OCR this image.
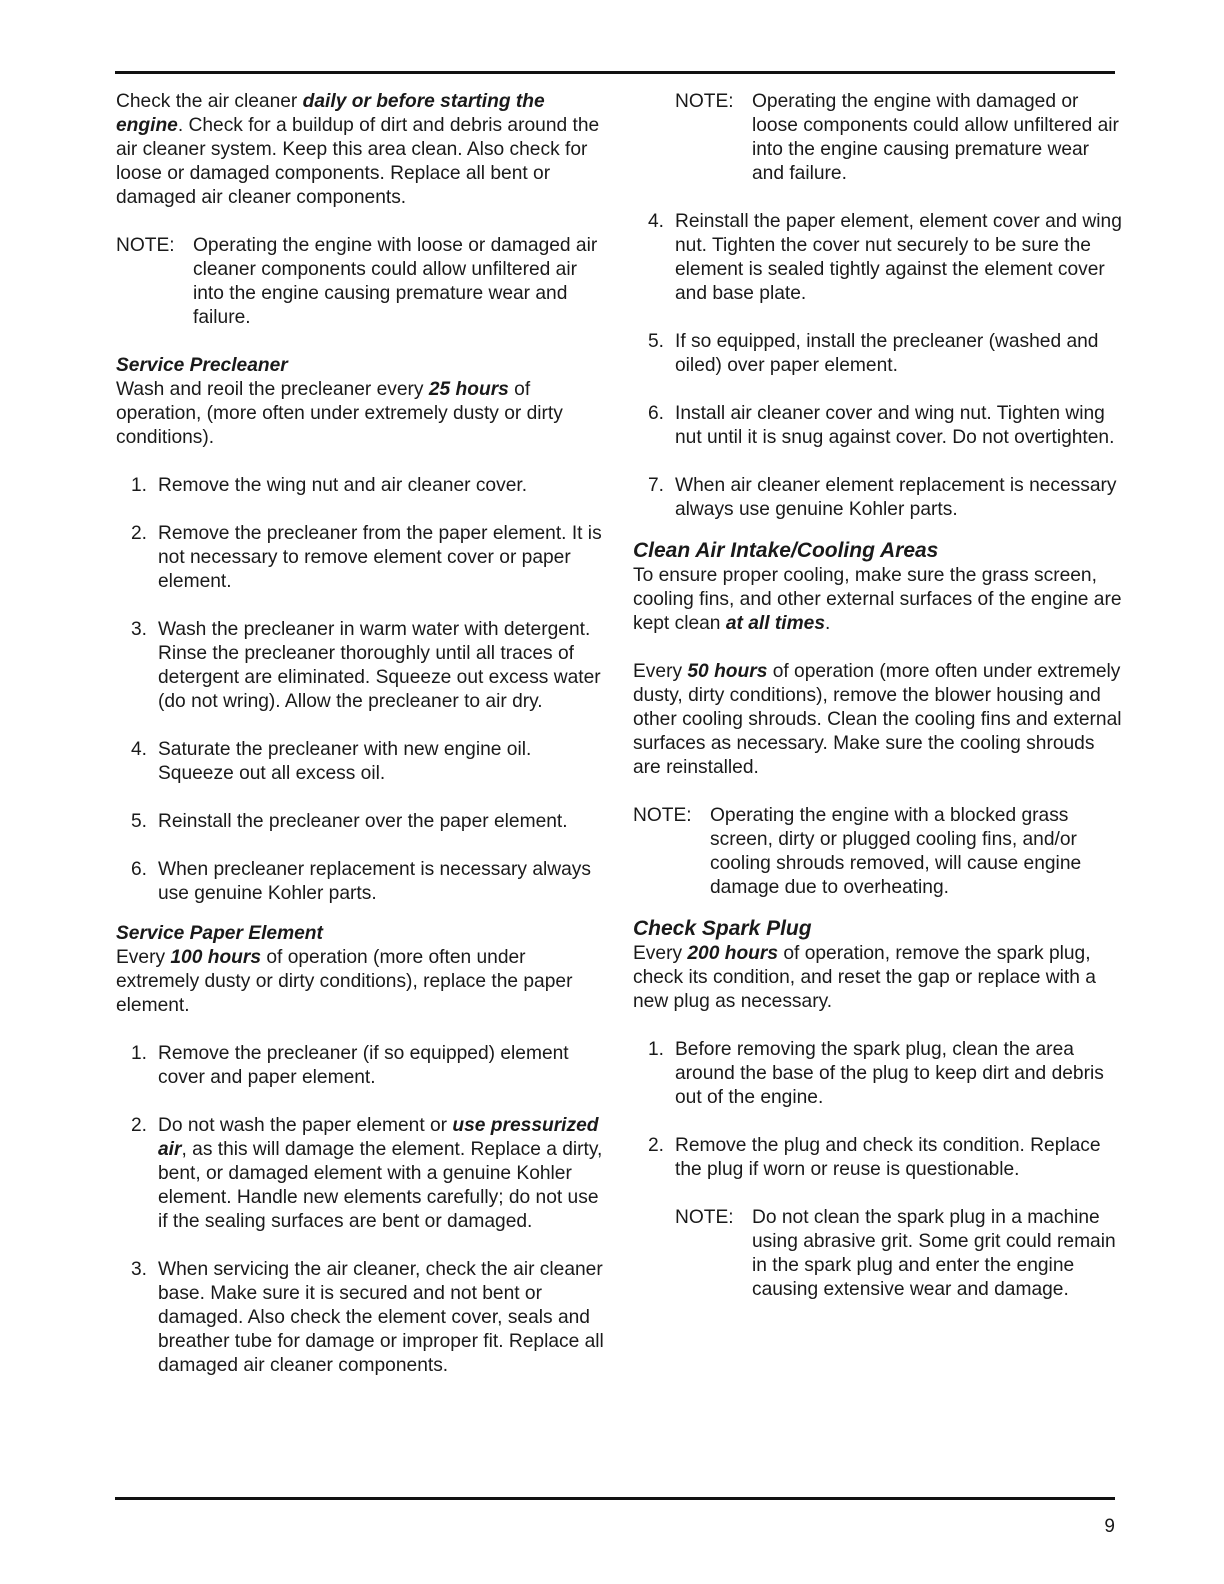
Check the air cleaner daily or before starting the engine. Check for a buildup of dirt and debris around the air cleaner system. Keep this area clean. Also check for loose or damaged components. Replace all bent or damaged air cleaner components.

NOTE: Operating the engine with loose or damaged air cleaner components could allow unfiltered air into the engine causing premature wear and failure.

Service Precleaner

Wash and reoil the precleaner every 25 hours of operation, (more often under extremely dusty or dirty conditions).

1. Remove the wing nut and air cleaner cover.
2. Remove the precleaner from the paper element. It is not necessary to remove element cover or paper element.
3. Wash the precleaner in warm water with detergent. Rinse the precleaner thoroughly until all traces of detergent are eliminated. Squeeze out excess water (do not wring). Allow the precleaner to air dry.
4. Saturate the precleaner with new engine oil. Squeeze out all excess oil.
5. Reinstall the precleaner over the paper element.
6. When precleaner replacement is necessary always use genuine Kohler parts.

Service Paper Element

Every 100 hours of operation (more often under extremely dusty or dirty conditions), replace the paper element.

1. Remove the precleaner (if so equipped) element cover and paper element.
2. Do not wash the paper element or use pressurized air, as this will damage the element. Replace a dirty, bent, or damaged element with a genuine Kohler element. Handle new elements carefully; do not use if the sealing surfaces are bent or damaged.
3. When servicing the air cleaner, check the air cleaner base. Make sure it is secured and not bent or damaged. Also check the element cover, seals and breather tube for damage or improper fit. Replace all damaged air cleaner components.
NOTE: Operating the engine with damaged or loose components could allow unfiltered air into the engine causing premature wear and failure.
4. Reinstall the paper element, element cover and wing nut. Tighten the cover nut securely to be sure the element is sealed tightly against the element cover and base plate.
5. If so equipped, install the precleaner (washed and oiled) over paper element.
6. Install air cleaner cover and wing nut. Tighten wing nut until it is snug against cover. Do not overtighten.
7. When air cleaner element replacement is necessary always use genuine Kohler parts.

Clean Air Intake/Cooling Areas

To ensure proper cooling, make sure the grass screen, cooling fins, and other external surfaces of the engine are kept clean at all times.

Every 50 hours of operation (more often under extremely dusty, dirty conditions), remove the blower housing and other cooling shrouds. Clean the cooling fins and external surfaces as necessary. Make sure the cooling shrouds are reinstalled.

NOTE: Operating the engine with a blocked grass screen, dirty or plugged cooling fins, and/or cooling shrouds removed, will cause engine damage due to overheating.

Check Spark Plug

Every 200 hours of operation, remove the spark plug, check its condition, and reset the gap or replace with a new plug as necessary.

1. Before removing the spark plug, clean the area around the base of the plug to keep dirt and debris out of the engine.
2. Remove the plug and check its condition. Replace the plug if worn or reuse is questionable.
NOTE: Do not clean the spark plug in a machine using abrasive grit. Some grit could remain in the spark plug and enter the engine causing extensive wear and damage.
9
